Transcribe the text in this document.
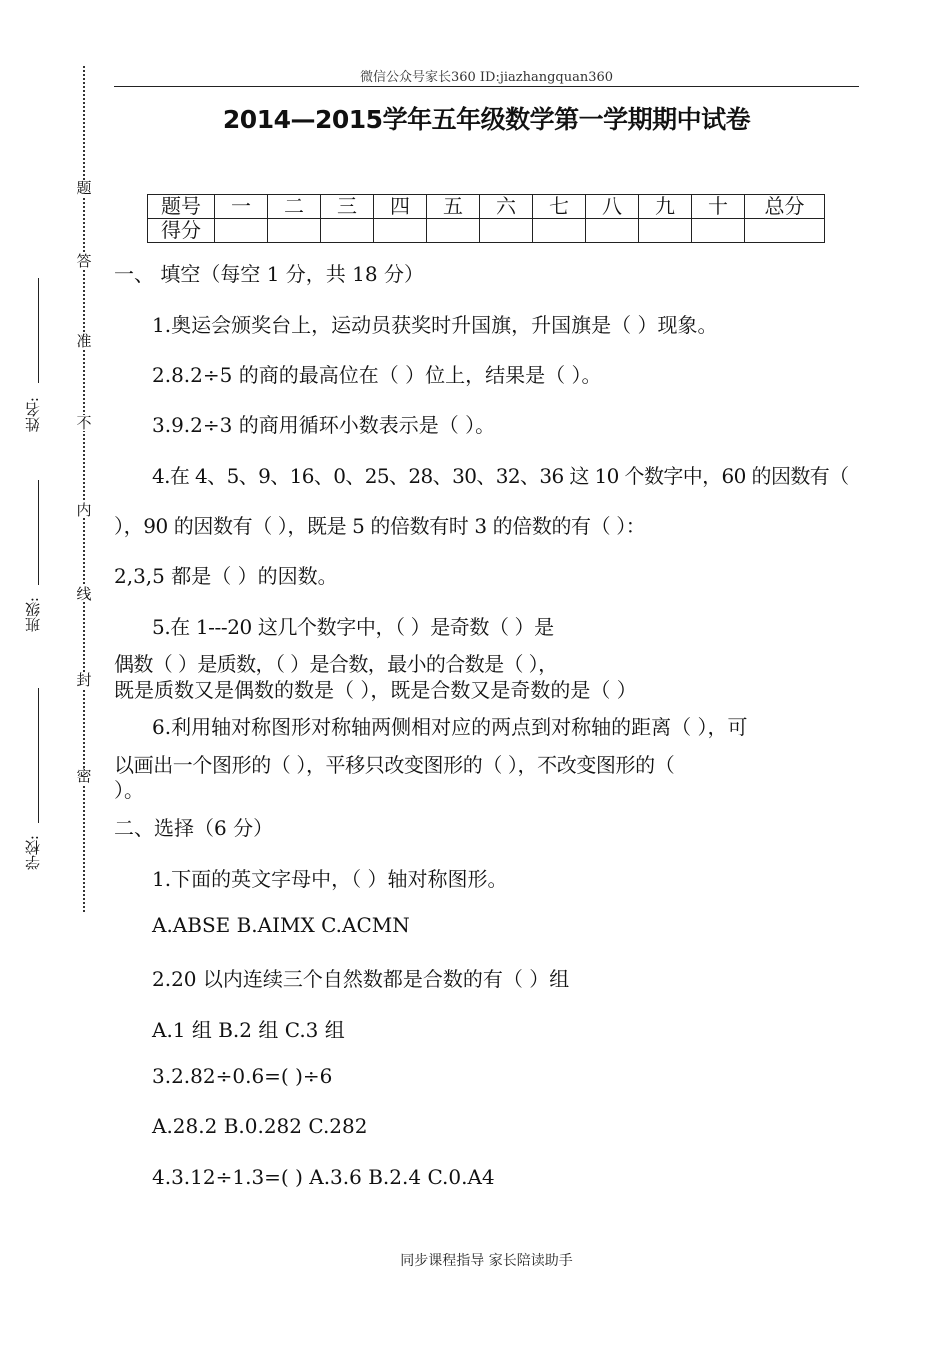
微信公众号家长360 ID:jiazhangquan360
2014—2015学年五年级数学第一学期期中试卷
题号	一	二	三	四	五	六	七	八	九	十	总分
得分											
题
答
准
不
内
线
封
密
姓名:
班级:
学校:
一、 填空（每空 1 分，共 18 分）
1.奥运会颁奖台上，运动员获奖时升国旗，升国旗是（ ）现象。
2.8.2÷5 的商的最高位在（ ）位上，结果是（ ）。
3.9.2÷3 的商用循环小数表示是（ ）。
4.在 4、5、9、16、0、25、28、30、32、36 这 10 个数字中，60 的因数有（
），90 的因数有（ ），既是 5 的倍数有时 3 的倍数的有（ ）：
2,3,5 都是（ ）的因数。
5.在 1---20 这几个数字中，（ ）是奇数（ ）是
偶数（ ）是质数，（ ）是合数，最小的合数是（ ），
既是质数又是偶数的数是（ ），既是合数又是奇数的是（ ）
6.利用轴对称图形对称轴两侧相对应的两点到对称轴的距离（ ），可
以画出一个图形的（ ），平移只改变图形的（ ），不改变图形的（
）。
二、选择（6 分）
1.下面的英文字母中，（ ）轴对称图形。
A.ABSE B.AIMX C.ACMN
2.20 以内连续三个自然数都是合数的有（ ）组
A.1 组 B.2 组 C.3 组
3.2.82÷0.6=( )÷6
A.28.2 B.0.282 C.282
4.3.12÷1.3=( ) A.3.6 B.2.4 C.0.A4
同步课程指导 家长陪读助手
